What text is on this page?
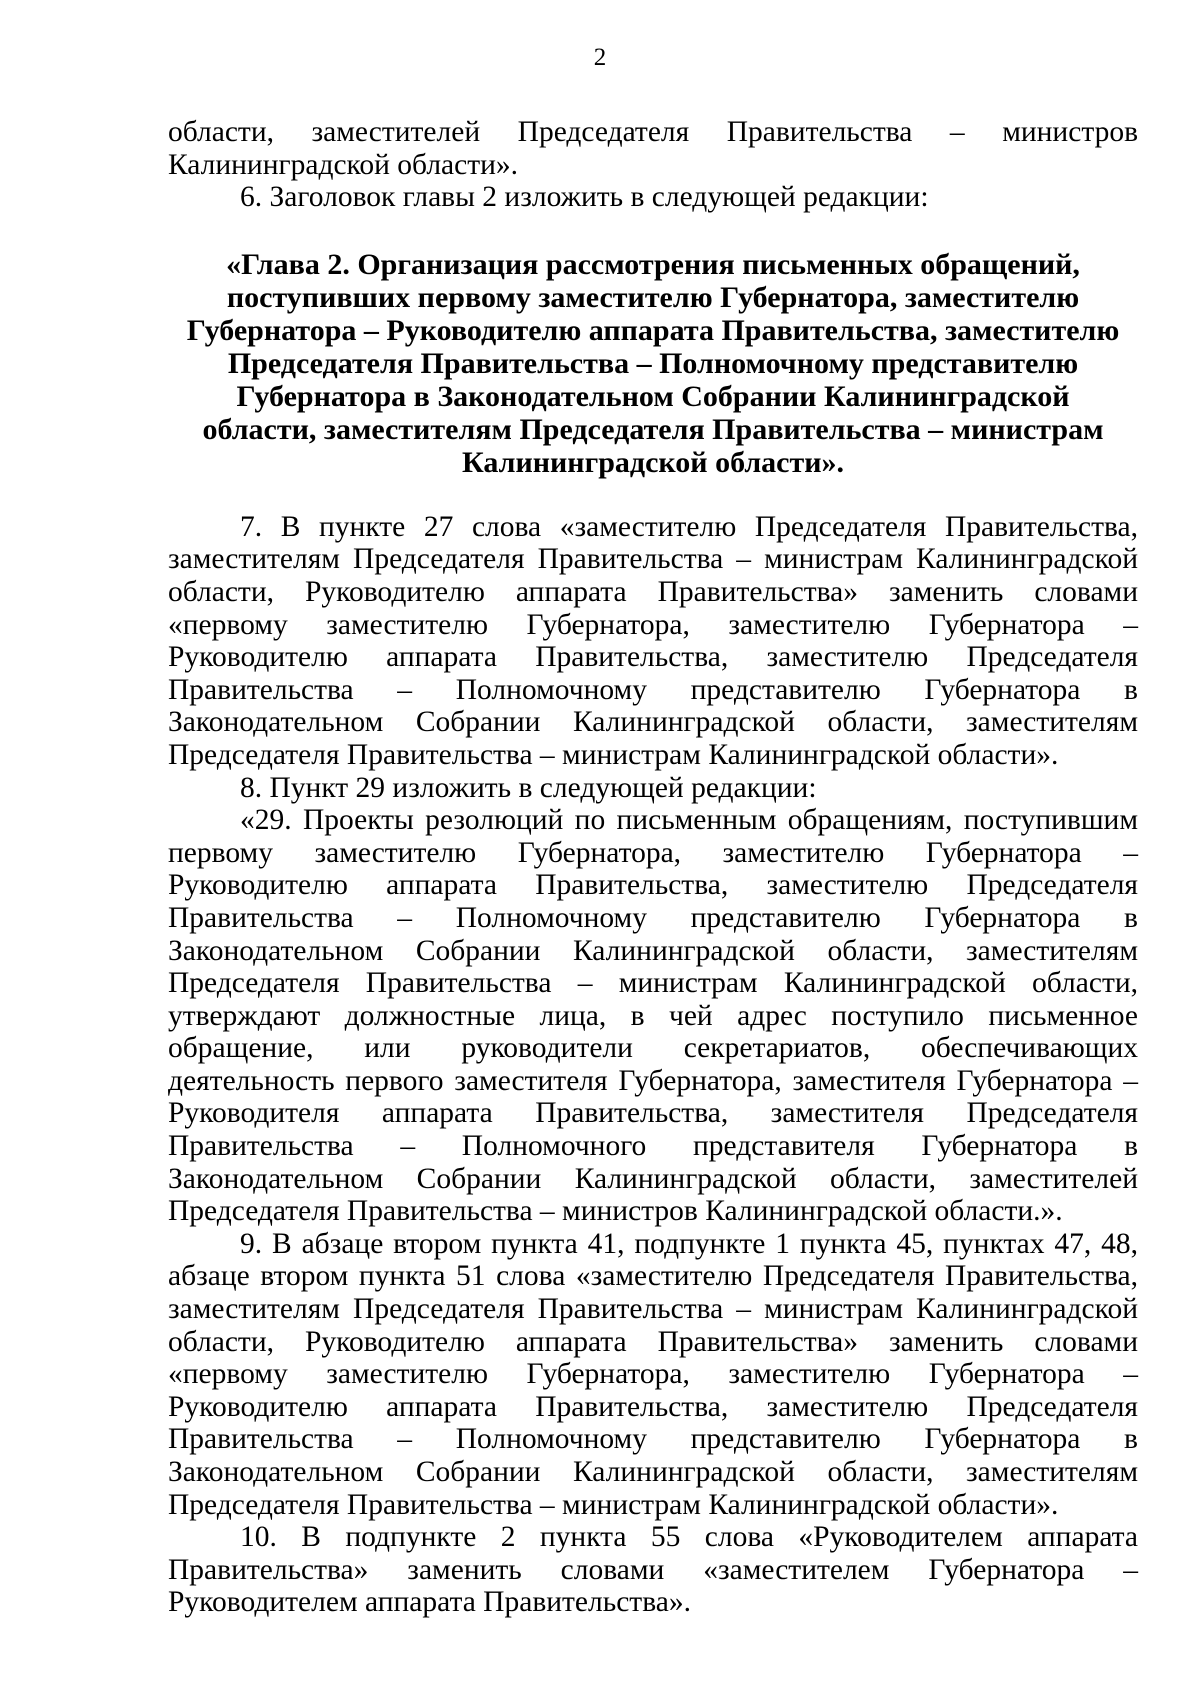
2

области, заместителей Председателя Правительства – министров Калининградской области».

6. Заголовок главы 2 изложить в следующей редакции:

«Глава 2. Организация рассмотрения письменных обращений, поступивших первому заместителю Губернатора, заместителю Губернатора – Руководителю аппарата Правительства, заместителю Председателя Правительства – Полномочному представителю Губернатора в Законодательном Собрании Калининградской области, заместителям Председателя Правительства – министрам Калининградской области».

7. В пункте 27 слова «заместителю Председателя Правительства, заместителям Председателя Правительства – министрам Калининградской области, Руководителю аппарата Правительства» заменить словами «первому заместителю Губернатора, заместителю Губернатора – Руководителю аппарата Правительства, заместителю Председателя Правительства – Полномочному представителю Губернатора в Законодательном Собрании Калининградской области, заместителям Председателя Правительства – министрам Калининградской области».

8. Пункт 29 изложить в следующей редакции:

«29. Проекты резолюций по письменным обращениям, поступившим первому заместителю Губернатора, заместителю Губернатора – Руководителю аппарата Правительства, заместителю Председателя Правительства – Полномочному представителю Губернатора в Законодательном Собрании Калининградской области, заместителям Председателя Правительства – министрам Калининградской области, утверждают должностные лица, в чей адрес поступило письменное обращение, или руководители секретариатов, обеспечивающих деятельность первого заместителя Губернатора, заместителя Губернатора – Руководителя аппарата Правительства, заместителя Председателя Правительства – Полномочного представителя Губернатора в Законодательном Собрании Калининградской области, заместителей Председателя Правительства – министров Калининградской области.».

9. В абзаце втором пункта 41, подпункте 1 пункта 45, пунктах 47, 48, абзаце втором пункта 51 слова «заместителю Председателя Правительства, заместителям Председателя Правительства – министрам Калининградской области, Руководителю аппарата Правительства» заменить словами «первому заместителю Губернатора, заместителю Губернатора – Руководителю аппарата Правительства, заместителю Председателя Правительства – Полномочному представителю Губернатора в Законодательном Собрании Калининградской области, заместителям Председателя Правительства – министрам Калининградской области».

10. В подпункте 2 пункта 55 слова «Руководителем аппарата Правительства» заменить словами «заместителем Губернатора – Руководителем аппарата Правительства».
